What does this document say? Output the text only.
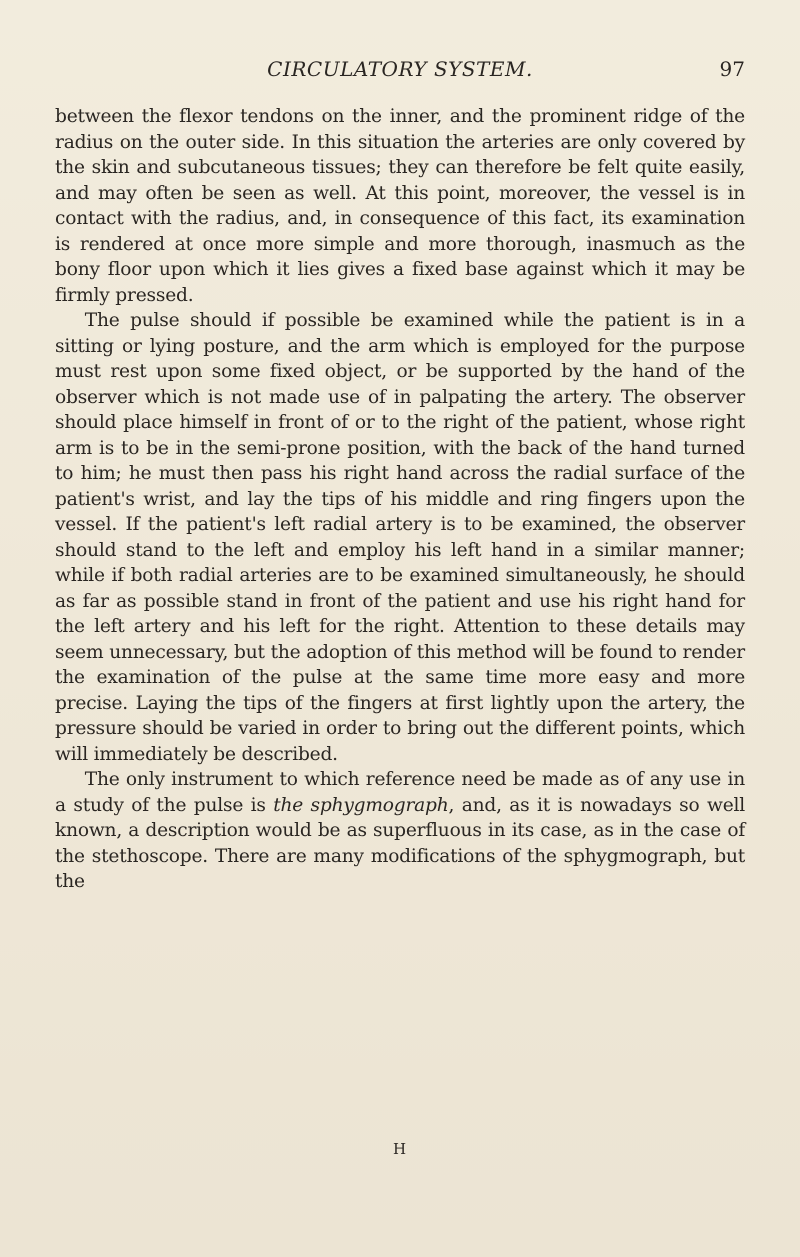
CIRCULATORY SYSTEM.	97

between the flexor tendons on the inner, and the prominent ridge of the radius on the outer side. In this situation the arteries are only covered by the skin and subcutaneous tissues; they can therefore be felt quite easily, and may often be seen as well. At this point, moreover, the vessel is in contact with the radius, and, in consequence of this fact, its examination is rendered at once more simple and more thorough, inasmuch as the bony floor upon which it lies gives a fixed base against which it may be firmly pressed.

The pulse should if possible be examined while the patient is in a sitting or lying posture, and the arm which is employed for the purpose must rest upon some fixed object, or be supported by the hand of the observer which is not made use of in palpating the artery. The observer should place himself in front of or to the right of the patient, whose right arm is to be in the semi-prone position, with the back of the hand turned to him; he must then pass his right hand across the radial surface of the patient's wrist, and lay the tips of his middle and ring fingers upon the vessel. If the patient's left radial artery is to be examined, the observer should stand to the left and employ his left hand in a similar manner; while if both radial arteries are to be examined simultaneously, he should as far as possible stand in front of the patient and use his right hand for the left artery and his left for the right. Attention to these details may seem unnecessary, but the adoption of this method will be found to render the examination of the pulse at the same time more easy and more precise. Laying the tips of the fingers at first lightly upon the artery, the pressure should be varied in order to bring out the different points, which will immediately be described.

The only instrument to which reference need be made as of any use in a study of the pulse is the sphygmograph, and, as it is nowadays so well known, a description would be as superfluous in its case, as in the case of the stethoscope. There are many modifications of the sphygmograph, but the

H
